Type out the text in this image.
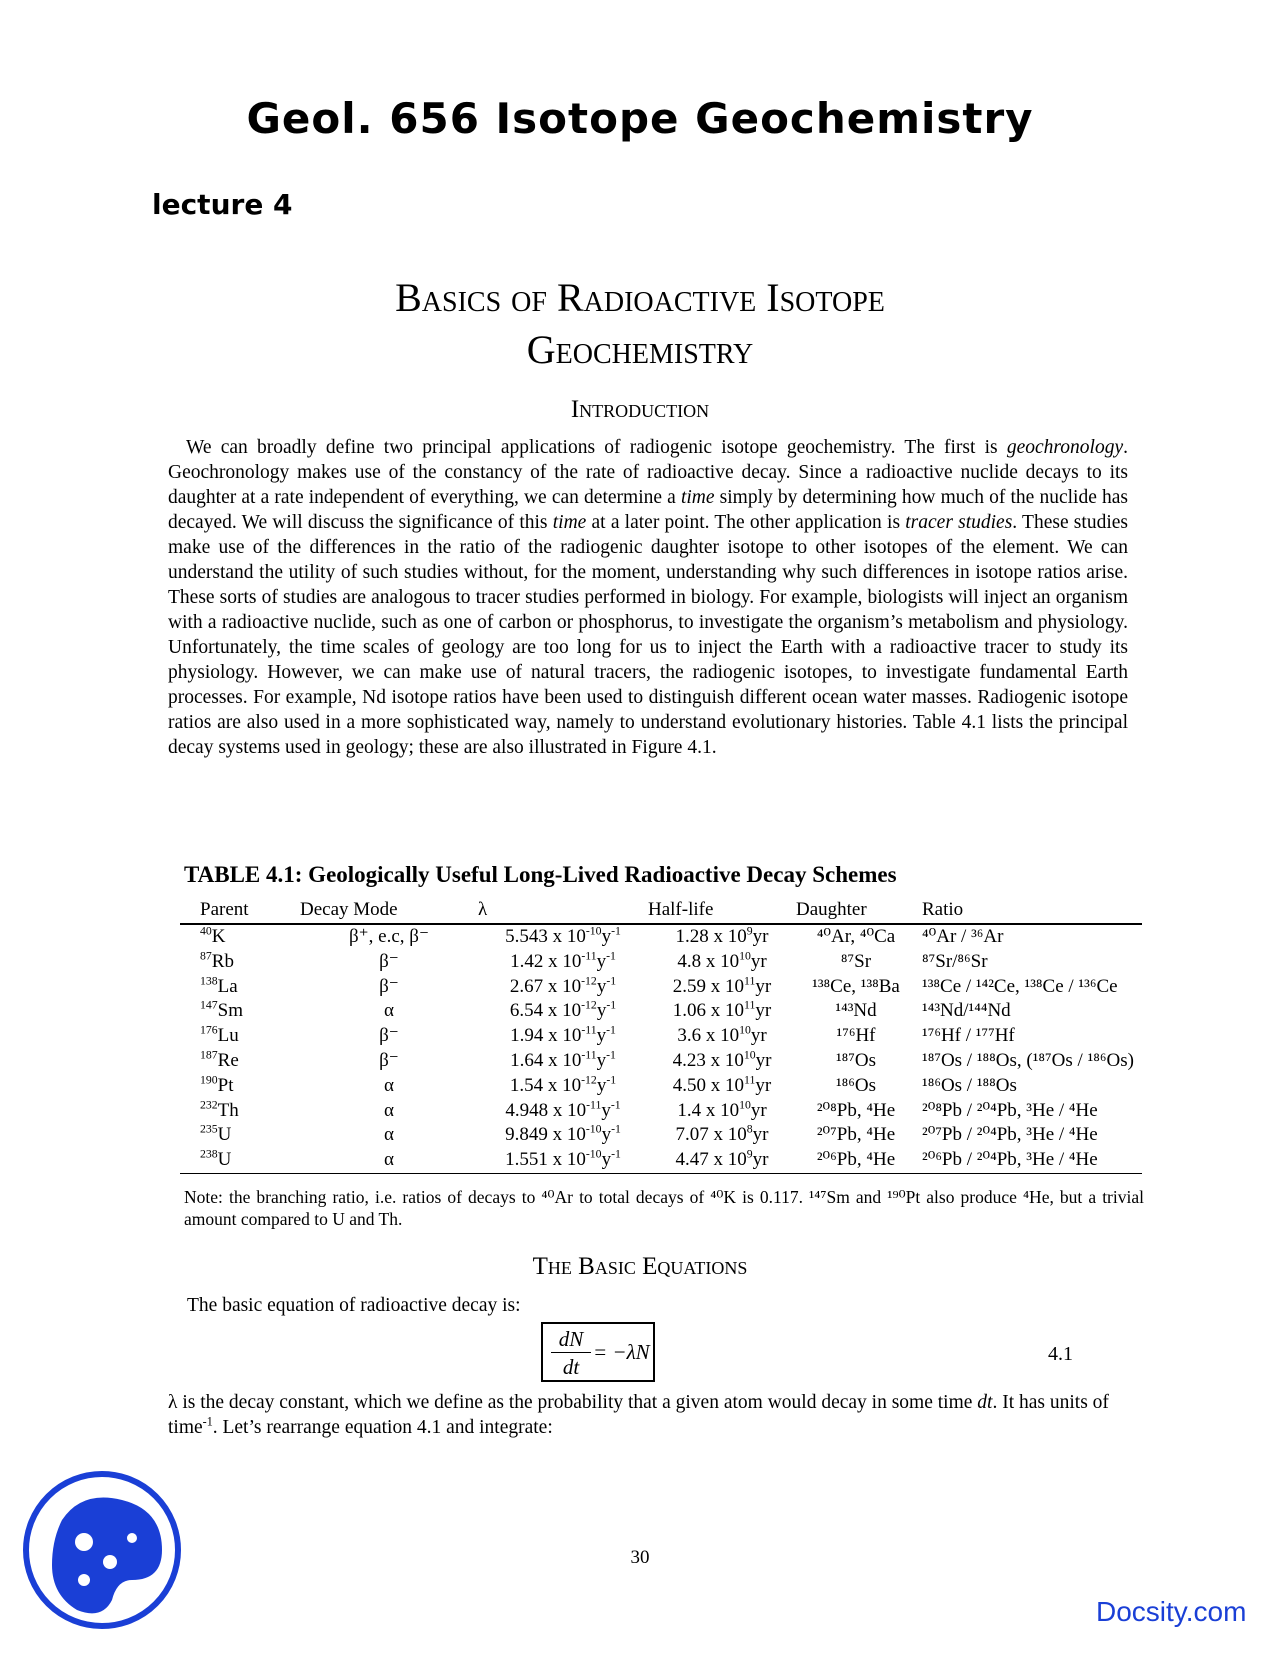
Geol. 656 Isotope Geochemistry
lecture 4
Basics of Radioactive Isotope
Geochemistry
Introduction
We can broadly define two principal applications of radiogenic isotope geochemistry. The first is geochronology. Geochronology makes use of the constancy of the rate of radioactive decay. Since a radioactive nuclide decays to its daughter at a rate independent of everything, we can determine a time simply by determining how much of the nuclide has decayed. We will discuss the significance of this time at a later point. The other application is tracer studies. These studies make use of the differences in the ratio of the radiogenic daughter isotope to other isotopes of the element. We can understand the utility of such studies without, for the moment, understanding why such differences in isotope ratios arise. These sorts of studies are analogous to tracer studies performed in biology. For example, biologists will inject an organism with a radioactive nuclide, such as one of carbon or phosphorus, to investigate the organism’s metabolism and physiology. Unfortunately, the time scales of geology are too long for us to inject the Earth with a radioactive tracer to study its physiology. However, we can make use of natural tracers, the radiogenic isotopes, to investigate fundamental Earth processes. For example, Nd isotope ratios have been used to distinguish different ocean water masses. Radiogenic isotope ratios are also used in a more sophisticated way, namely to understand evolutionary histories. Table 4.1 lists the principal decay systems used in geology; these are also illustrated in Figure 4.1.
TABLE 4.1: Geologically Useful Long-Lived Radioactive Decay Schemes
Parent	Decay Mode	λ	Half-life	Daughter	Ratio
$^{40}$K	β⁺, e.c, β⁻	5.543 x $10^{-10}y^{-1}$	1.28 x $10^9yr$	⁴⁰Ar, ⁴⁰Ca	⁴⁰Ar / ³⁶Ar
$^{87}$Rb	β⁻	1.42 x $10^{-11}y^{-1}$	4.8 x $10^{10}yr$	⁸⁷Sr	⁸⁷Sr/⁸⁶Sr
$^{138}$La	β⁻	2.67 x $10^{-12}y^{-1}$	2.59 x $10^{11}yr$	¹³⁸Ce, ¹³⁸Ba	¹³⁸Ce / ¹⁴²Ce, ¹³⁸Ce / ¹³⁶Ce
$^{147}$Sm	α	6.54 x $10^{-12}y^{-1}$	1.06 x $10^{11}yr$	¹⁴³Nd	¹⁴³Nd/¹⁴⁴Nd
$^{176}$Lu	β⁻	1.94 x $10^{-11}y^{-1}$	3.6 x $10^{10}yr$	¹⁷⁶Hf	¹⁷⁶Hf / ¹⁷⁷Hf
$^{187}$Re	β⁻	1.64 x $10^{-11}y^{-1}$	4.23 x $10^{10}yr$	¹⁸⁷Os	¹⁸⁷Os / ¹⁸⁸Os, (¹⁸⁷Os / ¹⁸⁶Os)
$^{190}$Pt	α	1.54 x $10^{-12}y^{-1}$	4.50 x $10^{11}yr$	¹⁸⁶Os	¹⁸⁶Os / ¹⁸⁸Os
$^{232}$Th	α	4.948 x $10^{-11}y^{-1}$	1.4 x $10^{10}yr$	²⁰⁸Pb, ⁴He	²⁰⁸Pb / ²⁰⁴Pb, ³He / ⁴He
$^{235}$U	α	9.849 x $10^{-10}y^{-1}$	7.07 x $10^8yr$	²⁰⁷Pb, ⁴He	²⁰⁷Pb / ²⁰⁴Pb, ³He / ⁴He
$^{238}$U	α	1.551 x $10^{-10}y^{-1}$	4.47 x $10^9yr$	²⁰⁶Pb, ⁴He	²⁰⁶Pb / ²⁰⁴Pb, ³He / ⁴He
Note: the branching ratio, i.e. ratios of decays to ⁴⁰Ar to total decays of ⁴⁰K is 0.117. ¹⁴⁷Sm and ¹⁹⁰Pt also produce ⁴He, but a trivial amount compared to U and Th.
The Basic Equations
The basic equation of radioactive decay is:
dN
dt
= −λN	4.1
λ is the decay constant, which we define as the probability that a given atom would decay in some time dt. It has units of time$^{-1}$. Let’s rearrange equation 4.1 and integrate:
30
Docsity.com
